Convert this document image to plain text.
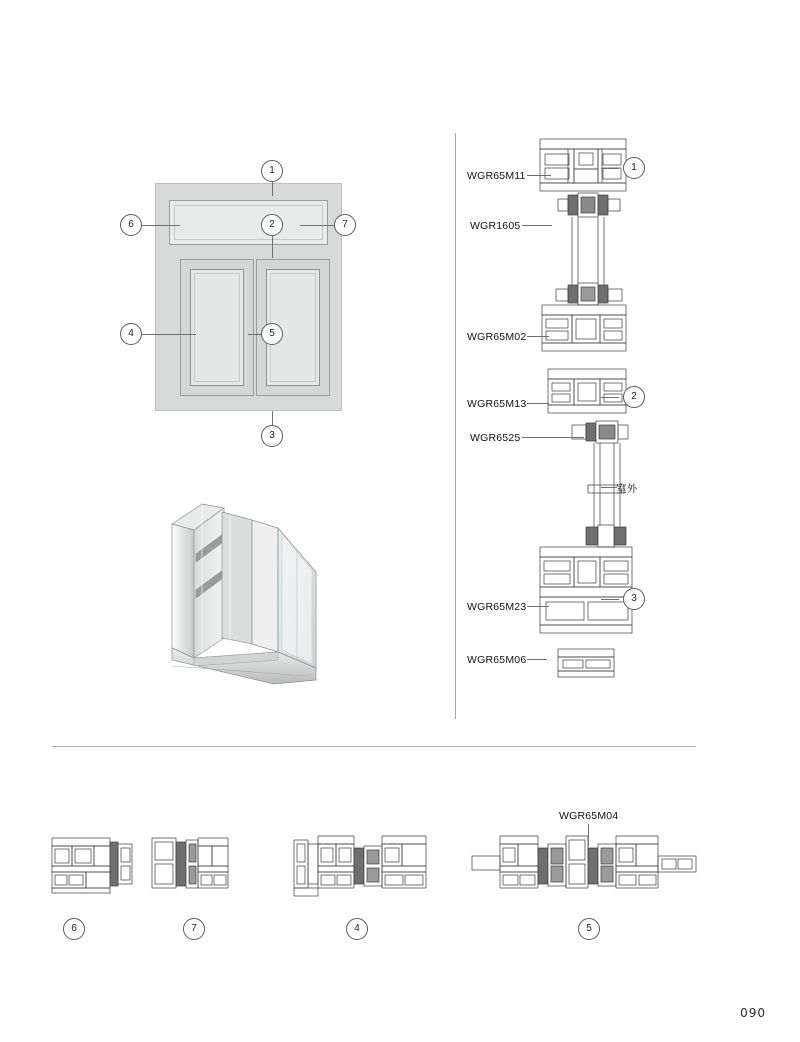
1
2
3
4	5
6	7
WGR65M11
WGR1605
WGR65M02
WGR65M13
WGR6525
WGR65M23
WGR65M06
室外
1
2
3
WGR65M04
6	7	4	5
090
